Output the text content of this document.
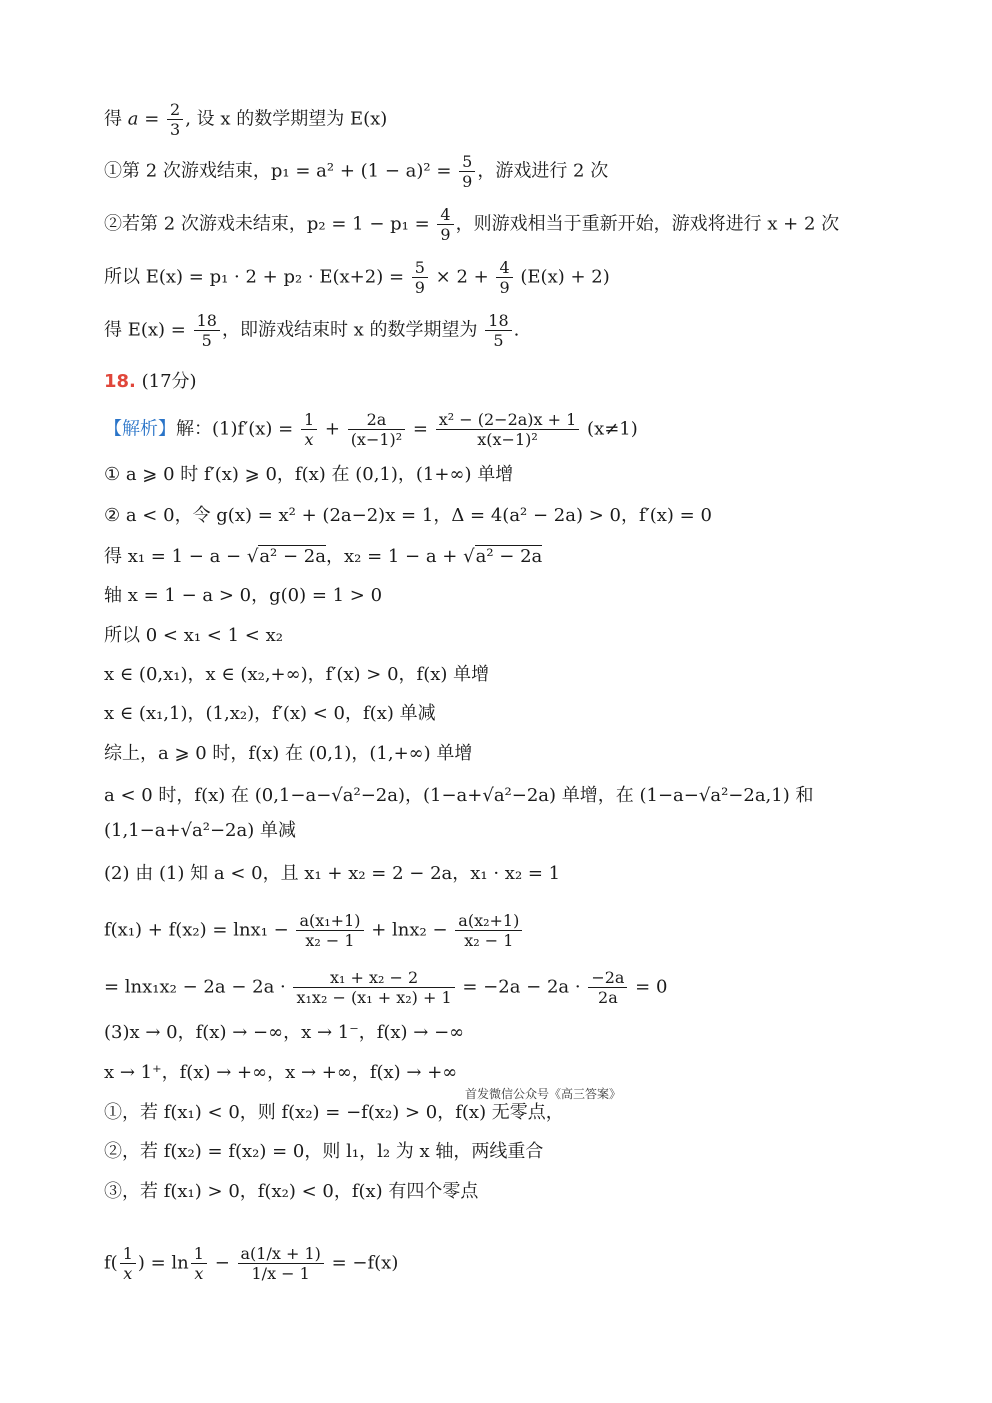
得 $a = \frac{2}{3}$ , 设 x 的数学期望为 E(x)
①第 2 次游戏结束，$p_1 = a^2 + (1 - a)^2 = \frac{5}{9}$ ，游戏进行 2 次
②若第 2 次游戏未结束，$p_2 = 1 - p_1 = \frac{4}{9}$ ，则游戏相当于重新开始，游戏将进行 x + 2 次
所以 $E(x) = p_1 \cdot 2 + p_2 \cdot E(x+2) = \frac{5}{9} \times 2 + \frac{4}{9} (E(x) + 2)$
得 $E(x) = \frac{18}{5}$ ，即游戏结束时 x 的数学期望为 $\frac{18}{5}$ .
18. (17分)
【解析】解：$(1)f'(x) = \frac{1}{x} + \frac{2a}{\text{(x−1)²}} = \frac{\text{x² − (2−2a)x + 1}}{\text{x(x−1)²}} (x\ne 1)$
① a ⩾ 0 时 f′(x) ⩾ 0，f(x) 在 (0,1)，(1+∞) 单增
② a < 0，令 g(x) = x² + (2a−2)x = 1，Δ = 4(a² − 2a) > 0，f′(x) = 0
得 x₁ = 1 − a − √a² − 2a，x₂ = 1 − a + √a² − 2a
轴 x = 1 − a > 0，g(0) = 1 > 0
所以 0 < x₁ < 1 < x₂
x ∈ (0,x₁)，x ∈ (x₂,+∞)，f′(x) > 0，f(x) 单增
x ∈ (x₁,1)，(1,x₂)，f′(x) < 0，f(x) 单减
综上，a ⩾ 0 时，f(x) 在 (0,1)，(1,+∞) 单增
a < 0 时，f(x) 在 (0,1−a−√a²−2a)，(1−a+√a²−2a) 单增，在 (1−a−√a²−2a,1) 和
(1,1−a+√a²−2a) 单减
(2) 由 (1) 知 a < 0，且 x₁ + x₂ = 2 − 2a，x₁ · x₂ = 1
$f(x_1) + f(x_2) = \ln x_1 - \frac{\text{a(x₁+1)}}{\text{x₂ − 1}} + \ln x_2 - \frac{\text{a(x₂+1)}}{\text{x₂ − 1}}$
= $\ln x_1x_2 - 2a - 2a \cdot \frac{\text{x₁ + x₂ − 2}}{\text{x₁x₂ − (x₁ + x₂) + 1}} = -2a - 2a \cdot \frac{-2a}{2a} = 0$
(3)x → 0，f(x) → −∞，x → 1⁻，f(x) → −∞
x → 1⁺，f(x) → +∞，x → +∞，f(x) → +∞
首发微信公众号《高三答案》
①，若 f(x₁) < 0，则 f(x₂) = −f(x₂) > 0，f(x) 无零点，
②，若 f(x₂) = f(x₂) = 0，则 l₁，l₂ 为 x 轴，两线重合
③，若 f(x₁) > 0，f(x₂) < 0，f(x) 有四个零点
$f( \frac{1}{x}$ ) = $\ln \frac{1}{x} - \frac{a(1/x + 1)}{1/x - 1} = -f(x)$
